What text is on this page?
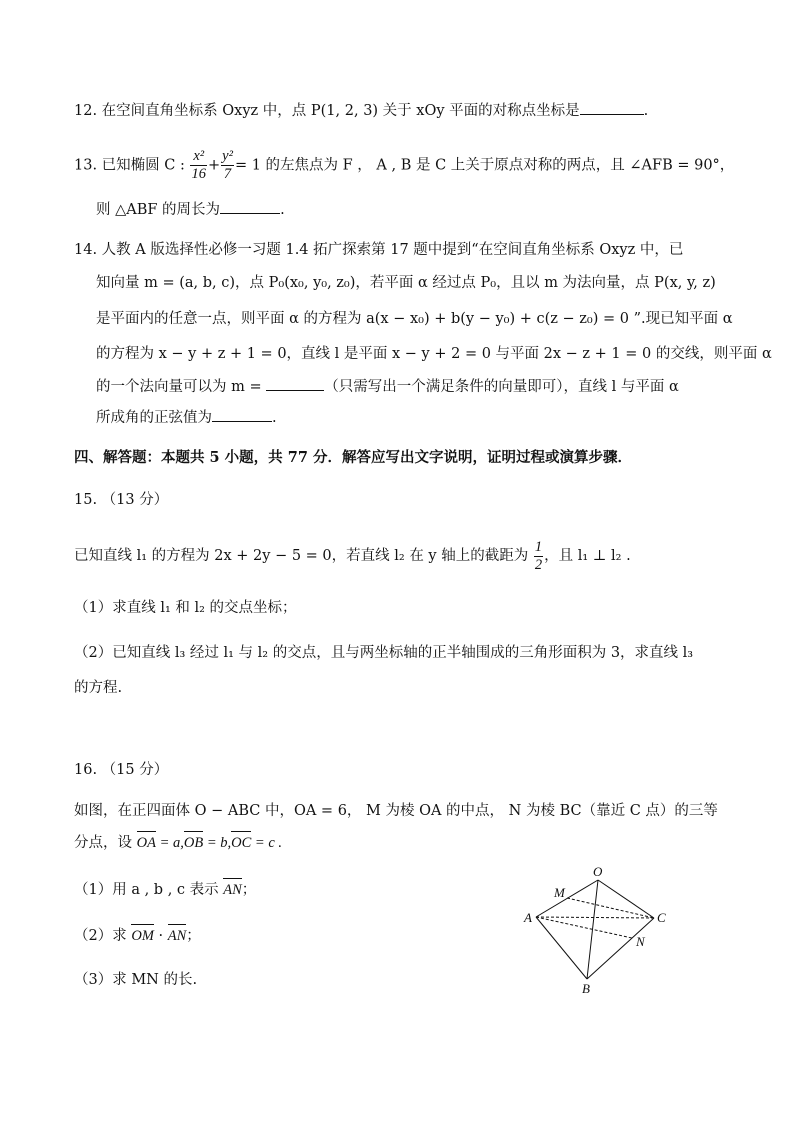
12. 在空间直角坐标系 Oxyz 中，点 P(1, 2, 3) 关于 xOy 平面的对称点坐标是	.
13. 已知椭圆 C : $\frac{\text{x²}}{16} + \frac{\text{y²}}{7} = 1$ 的左焦点为 F ， A , B 是 C 上关于原点对称的两点，且 ∠AFB = 90°，
则 △ABF 的周长为	.
14. 人教 A 版选择性必修一习题 1.4 拓广探索第 17 题中提到“在空间直角坐标系 Oxyz 中，已
知向量 m = (a, b, c)，点 P₀(x₀, y₀, z₀)，若平面 α 经过点 P₀，且以 m 为法向量，点 P(x, y, z)
是平面内的任意一点，则平面 α 的方程为 a(x − x₀) + b(y − y₀) + c(z − z₀) = 0 ”.现已知平面 α
的方程为 x − y + z + 1 = 0，直线 l 是平面 x − y + 2 = 0 与平面 2x − z + 1 = 0 的交线，则平面 α
的一个法向量可以为 m =	（只需写出一个满足条件的向量即可），直线 l 与平面 α
所成角的正弦值为	.
四、解答题：本题共 5 小题，共 77 分．解答应写出文字说明，证明过程或演算步骤．
15. （13 分）
已知直线 l₁ 的方程为 2x + 2y − 5 = 0，若直线 l₂ 在 y 轴上的截距为 $\frac{1}{2}$ ，且 l₁ ⊥ l₂ .
（1）求直线 l₁ 和 l₂ 的交点坐标；
（2）已知直线 l₃ 经过 l₁ 与 l₂ 的交点，且与两坐标轴的正半轴围成的三角形面积为 3，求直线 l₃
的方程.
16. （15 分）
如图，在正四面体 O − ABC 中，OA = 6， M 为棱 OA 的中点， N 为棱 BC（靠近 C 点）的三等
分点，设 OA = a,OB = b,OC = c .
（1）用 a , b , c 表示 AN；
（2）求 OM · AN；
（3）求 MN 的长.
O
M
A	C
N
B
